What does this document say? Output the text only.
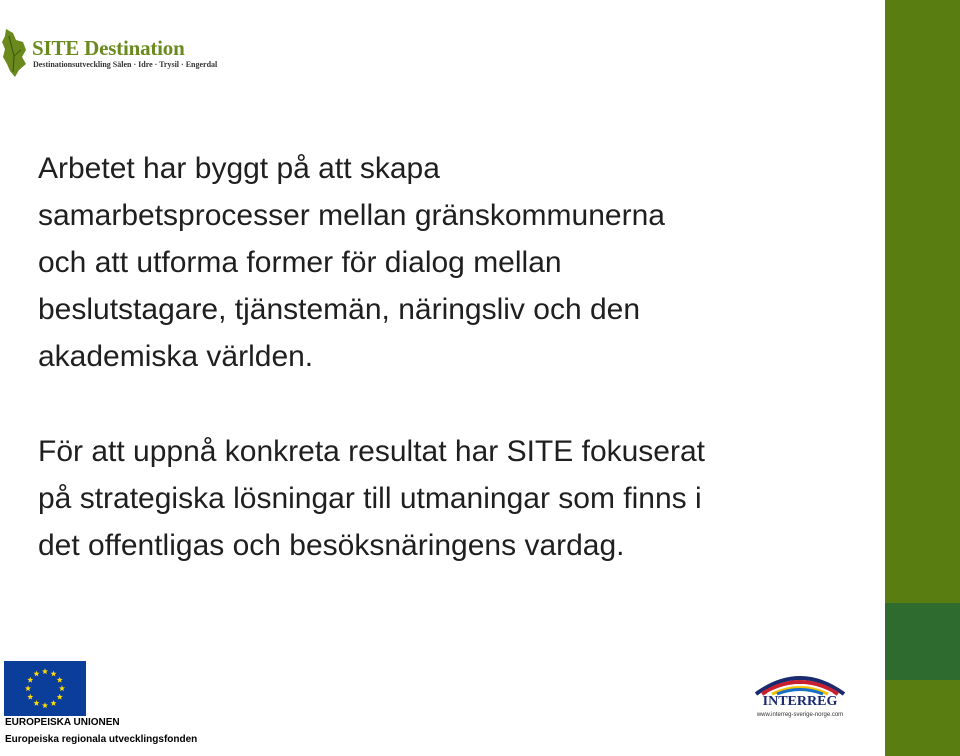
SITE Destination
Destinationsutveckling Sälen · Idre · Trysil · Engerdal

Arbetet har byggt på att skapa
samarbetsprocesser mellan gränskommunerna
och att utforma former för dialog mellan
beslutstagare, tjänstemän, näringsliv och den
akademiska världen.

För att uppnå konkreta resultat har SITE fokuserat
på strategiska lösningar till utmaningar som finns i
det offentligas och besöksnäringens vardag.

EUROPEISKA UNIONEN
Europeiska regionala utvecklingsfonden
INTERREG
www.interreg-sverige-norge.com
